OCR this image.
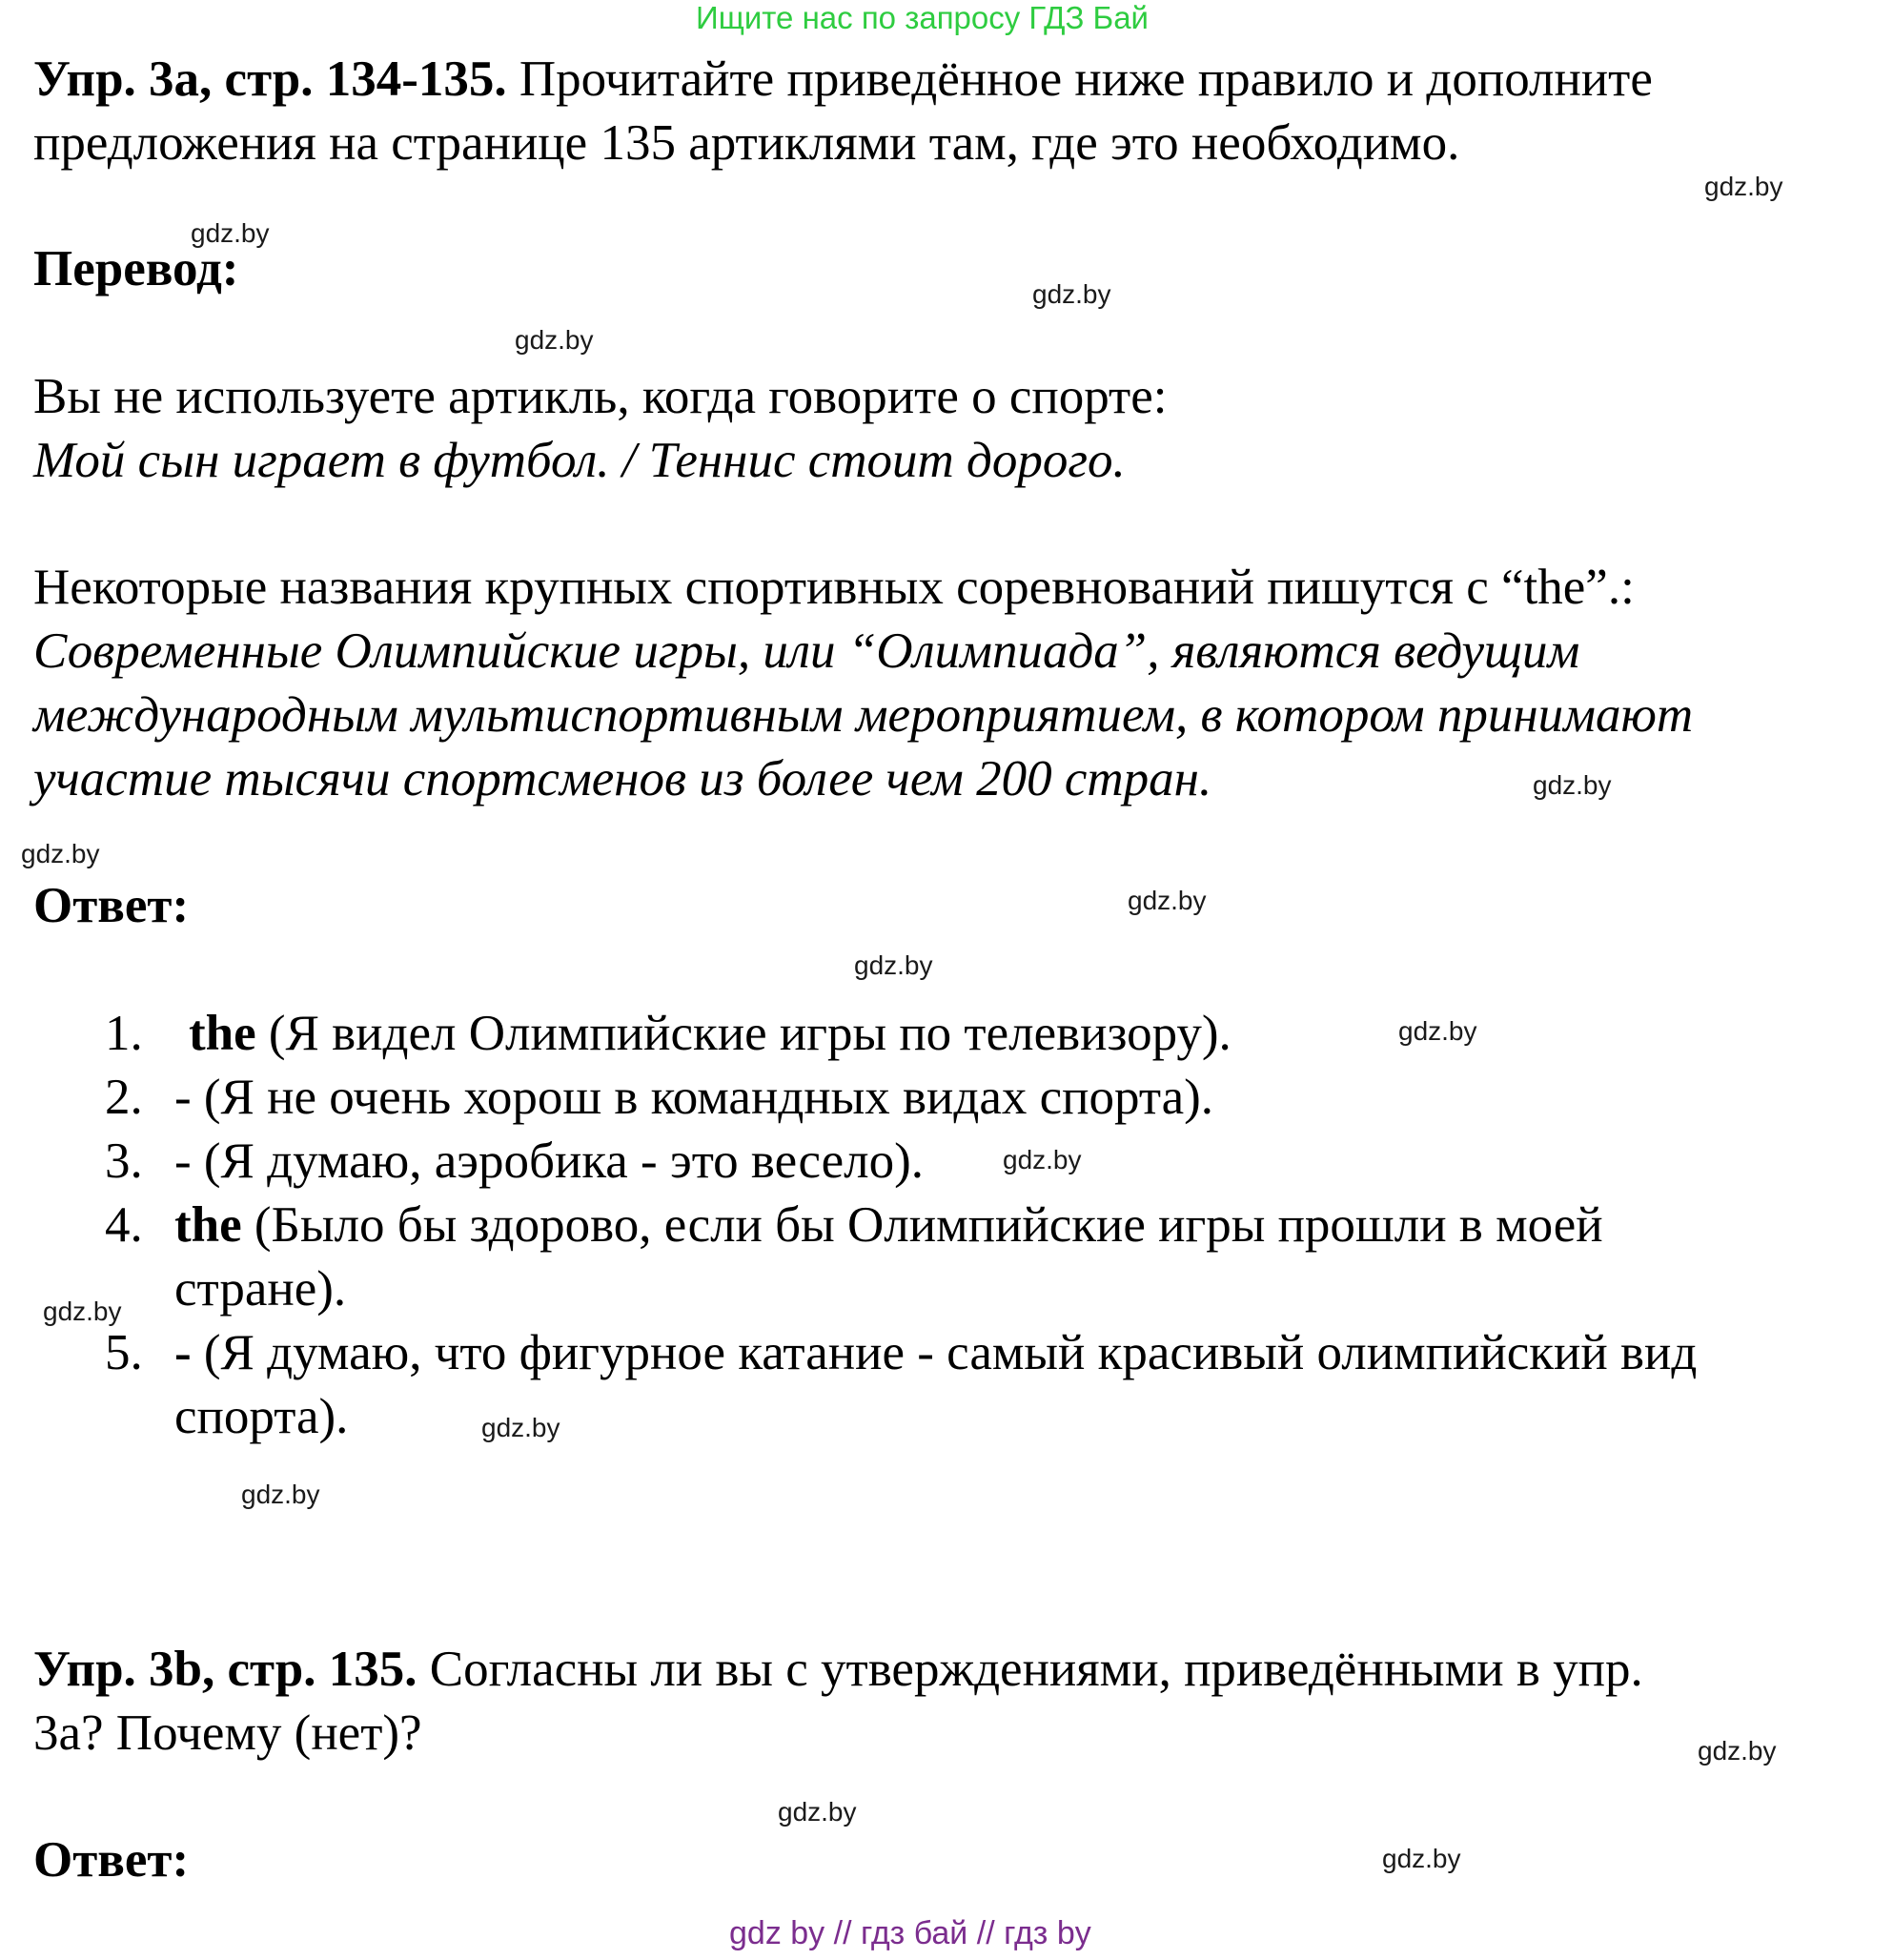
Ищите нас по запросу ГДЗ Бай
Упр. 3а, стр. 134-135. Прочитайте приведённое ниже правило и дополните
предложения на странице 135 артиклями там, где это необходимо.
Перевод:
Вы не используете артикль, когда говорите о спорте:
Мой сын играет в футбол. / Теннис стоит дорого.
Некоторые названия крупных спортивных соревнований пишутся с “the”.:
Современные Олимпийские игры, или “Олимпиада”, являются ведущим
международным мультиспортивным мероприятием, в котором принимают
участие тысячи спортсменов из более чем 200 стран.
Ответ:
1. the (Я видел Олимпийские игры по телевизору).
2. - (Я не очень хорош в командных видах спорта).
3. - (Я думаю, аэробика - это весело).
4. the (Было бы здорово, если бы Олимпийские игры прошли в моей
стране).
5. - (Я думаю, что фигурное катание - самый красивый олимпийский вид
спорта).
Упр. 3b, стр. 135. Согласны ли вы с утверждениями, приведёнными в упр.
3а? Почему (нет)?
Ответ:
gdz.by
gdz.by
gdz.by
gdz.by
gdz.by
gdz.by
gdz.by
gdz.by
gdz.by
gdz.by
gdz.by
gdz.by
gdz.by
gdz.by
gdz.by
gdz.by
gdz by // гдз бай // гдз by
